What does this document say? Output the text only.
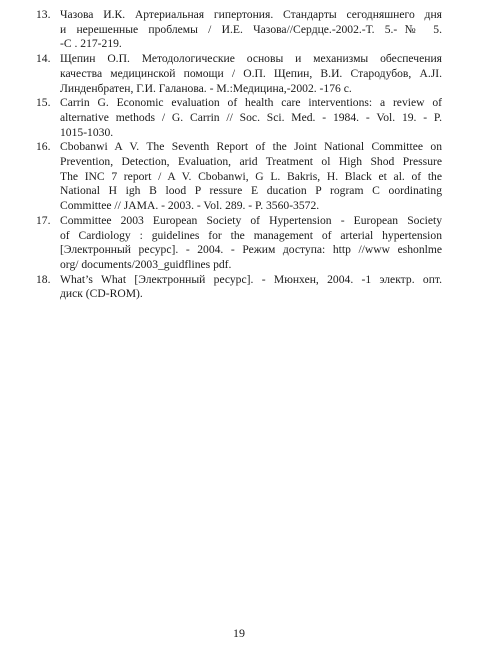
13. Чазова И.К. Артериальная гипертония. Стандарты сегодняшнего дня
и нерешенные проблемы / И.Е. Чазова//Сердце.-2002.-Т. 5.-№ 5.
-С . 217-219.
14. Щепин О.П. Методологические основы и механизмы обеспечения
качества медицинской помощи / О.П. Щепин, В.И. Стародубов, A.JI.
Линденбратен, Г.И. Галанова. - М.:Медицина,-2002. -176 с.
15. Carrin G. Economic evaluation of health care interventions: a review of
alternative methods / G. Carrin // Soc. Sci. Med. - 1984. - Vol. 19. - P.
1015-1030.
16. Cbobanwi A V. The Seventh Report of the Joint National Committee on
Prevention, Detection, Evaluation, arid Treatment ol High Shod Pressure
The INC 7 report / A V. Cbobanwi, G L. Bakris, H. Black et al. of the
National H igh B lood P ressure E ducation P rogram C oordinating
Committee // JAMA. - 2003. - Vol. 289. - P. 3560-3572.
17. Committee 2003 European Society of Hypertension - European Society
of Cardiology : guidelines for the management of arterial hypertension
[Электронный ресурс]. - 2004. - Режим доступа: http //www eshonlme
org/ documents/2003_guidflines pdf.
18. What’s What [Электронный ресурс]. - Мюнхен, 2004. -1 электр. опт.
диск (CD-ROM).
19
